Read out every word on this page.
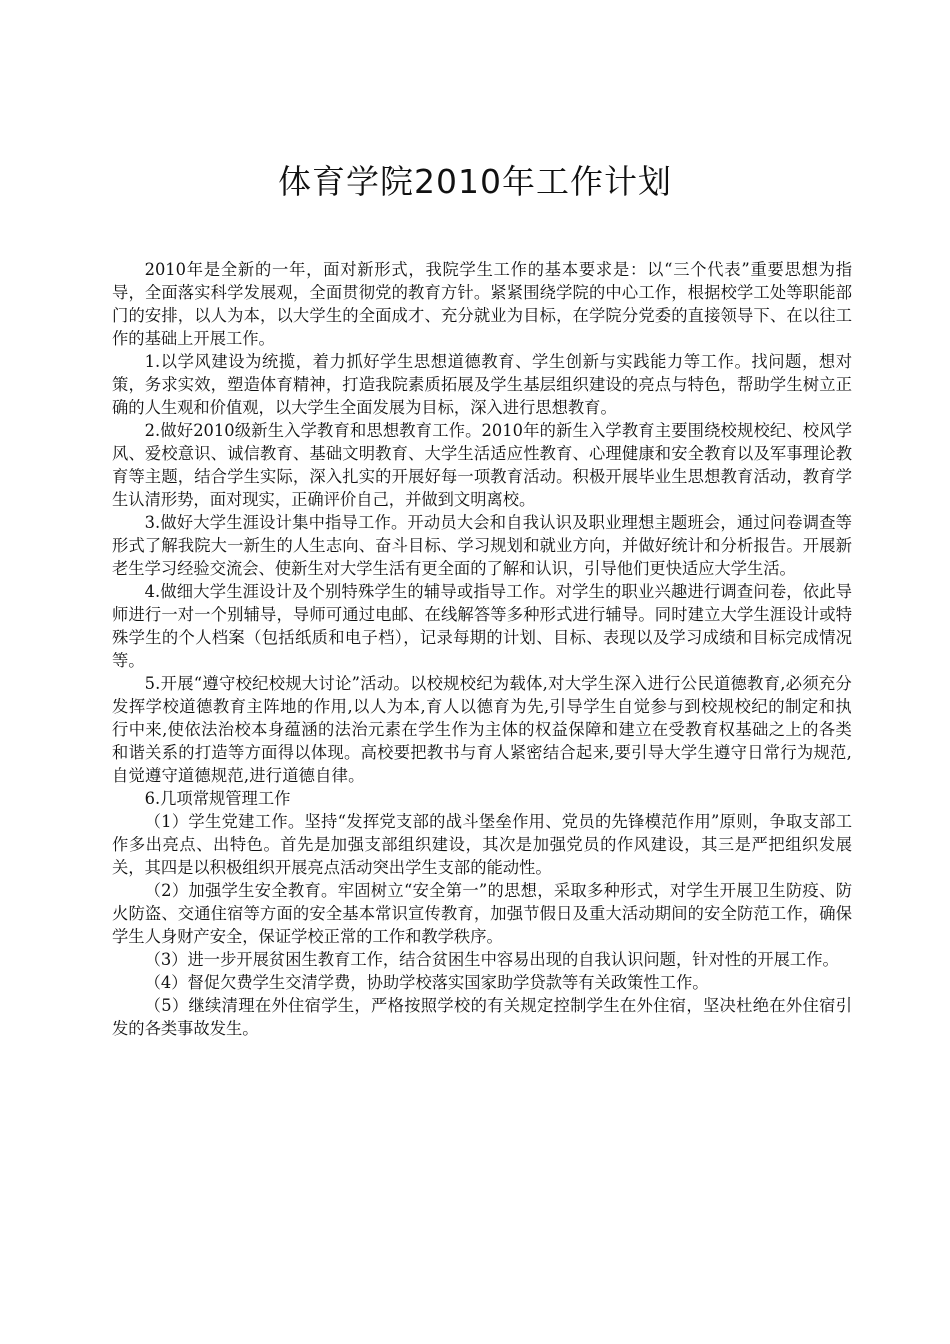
体育学院2010年工作计划

2010年是全新的一年，面对新形式，我院学生工作的基本要求是：以“三个代表”重要思想为指导，全面落实科学发展观，全面贯彻党的教育方针。紧紧围绕学院的中心工作，根据校学工处等职能部门的安排，以人为本，以大学生的全面成才、充分就业为目标，在学院分党委的直接领导下、在以往工作的基础上开展工作。

1.以学风建设为统揽，着力抓好学生思想道德教育、学生创新与实践能力等工作。找问题，想对策，务求实效，塑造体育精神，打造我院素质拓展及学生基层组织建设的亮点与特色，帮助学生树立正确的人生观和价值观，以大学生全面发展为目标，深入进行思想教育。

2.做好2010级新生入学教育和思想教育工作。2010年的新生入学教育主要围绕校规校纪、校风学风、爱校意识、诚信教育、基础文明教育、大学生活适应性教育、心理健康和安全教育以及军事理论教育等主题，结合学生实际，深入扎实的开展好每一项教育活动。积极开展毕业生思想教育活动，教育学生认清形势，面对现实，正确评价自己，并做到文明离校。

3.做好大学生涯设计集中指导工作。开动员大会和自我认识及职业理想主题班会，通过问卷调查等形式了解我院大一新生的人生志向、奋斗目标、学习规划和就业方向，并做好统计和分析报告。开展新老生学习经验交流会、使新生对大学生活有更全面的了解和认识，引导他们更快适应大学生活。

4.做细大学生涯设计及个别特殊学生的辅导或指导工作。对学生的职业兴趣进行调查问卷，依此导师进行一对一个别辅导，导师可通过电邮、在线解答等多种形式进行辅导。同时建立大学生涯设计或特殊学生的个人档案（包括纸质和电子档），记录每期的计划、目标、表现以及学习成绩和目标完成情况等。

5.开展“遵守校纪校规大讨论”活动。以校规校纪为载体,对大学生深入进行公民道德教育,必须充分发挥学校道德教育主阵地的作用,以人为本,育人以德育为先,引导学生自觉参与到校规校纪的制定和执行中来,使依法治校本身蕴涵的法治元素在学生作为主体的权益保障和建立在受教育权基础之上的各类和谐关系的打造等方面得以体现。高校要把教书与育人紧密结合起来,要引导大学生遵守日常行为规范,自觉遵守道德规范,进行道德自律。

6.几项常规管理工作

（1）学生党建工作。坚持“发挥党支部的战斗堡垒作用、党员的先锋模范作用”原则，争取支部工作多出亮点、出特色。首先是加强支部组织建设，其次是加强党员的作风建设，其三是严把组织发展关，其四是以积极组织开展亮点活动突出学生支部的能动性。

（2）加强学生安全教育。牢固树立“安全第一”的思想，采取多种形式，对学生开展卫生防疫、防火防盗、交通住宿等方面的安全基本常识宣传教育，加强节假日及重大活动期间的安全防范工作，确保学生人身财产安全，保证学校正常的工作和教学秩序。

（3）进一步开展贫困生教育工作，结合贫困生中容易出现的自我认识问题，针对性的开展工作。

（4）督促欠费学生交清学费，协助学校落实国家助学贷款等有关政策性工作。

（5）继续清理在外住宿学生，严格按照学校的有关规定控制学生在外住宿，坚决杜绝在外住宿引发的各类事故发生。
